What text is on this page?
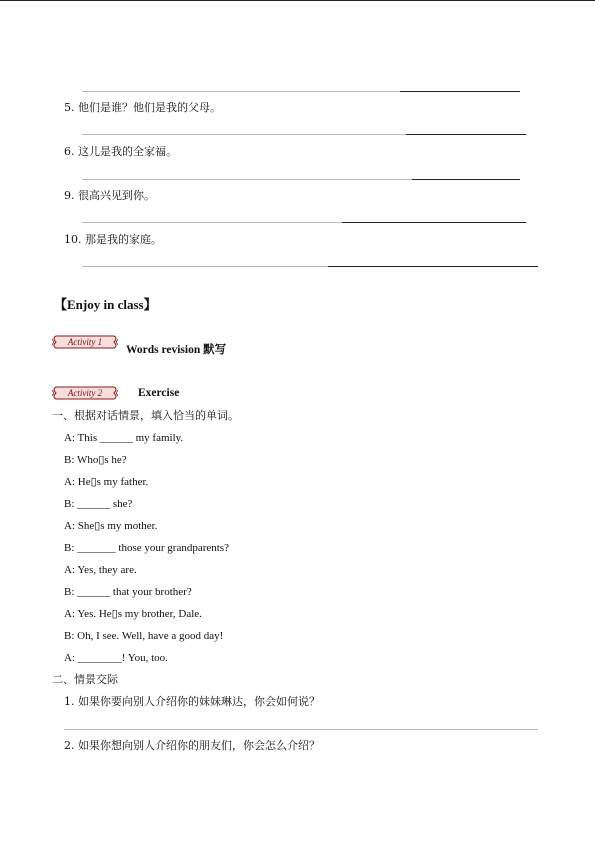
5. 他们是谁？他们是我的父母。
6. 这儿是我的全家福。
9. 很高兴见到你。
10. 那是我的家庭。
【Enjoy in class】
Activity 1
Words revision 默写
Activity 2	Exercise
一、根据对话情景，填入恰当的单词。
A: This ______ my family.
B: Who▯s he?
A: He▯s my father.
B: ______ she?
A: She▯s my mother.
B: _______ those your grandparents?
A: Yes, they are.
B: ______ that your brother?
A: Yes. He▯s my brother, Dale.
B: Oh, I see. Well, have a good day!
A: ________! You, too.
二、情景交际
1. 如果你要向别人介绍你的妹妹琳达，你会如何说？
2. 如果你想向别人介绍你的朋友们，你会怎么介绍？
